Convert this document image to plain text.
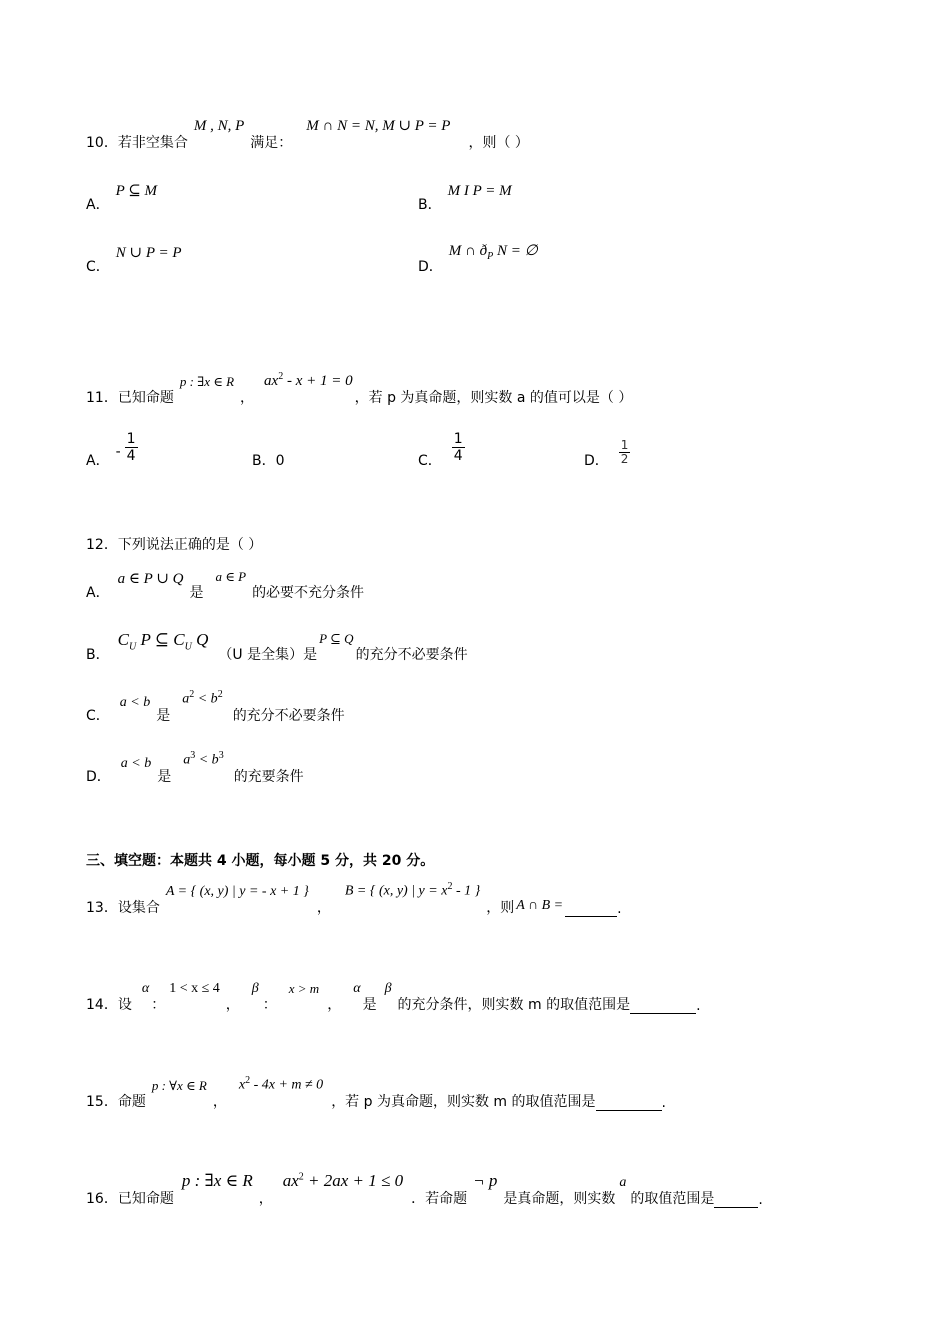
10． 若非空集合
M , N, P
满足：
M ∩ N = N, M ∪ P = P
，则（ ）
A．
P ⊆ M
B．
M Ι P = M
C．
N ∪ P = P
D．
M ∩ $ð_P$ N = ∅
11． 已知命题
p : ∃x ∈ R
，
$ax^2 - x + 1 = 0$
，若 p 为真命题，则实数 a 的值可以是（ ）
A．
- $\frac{1}{4}$	B．0	C． $\frac{1}{4}$	D． $\frac{1}{2}$
12． 下列说法正确的是（ ）
A．
a ∈ P ∪ Q
是
a ∈ P
的必要不充分条件
B．
$C_U$ P ⊆ $C_U$ Q
（U 是全集）是
P ⊆ Q
的充分不必要条件
C．
a < b
是
$a^2 < b^2$
的充分不必要条件
D．
a < b
是
$a^3 < b^3$
的充要条件
三、填空题：本题共 4 小题，每小题 5 分，共 20 分。
13． 设集合
A = { (x, y) | y = - x + 1 }
，
B = { (x, y) | $y = x^2 - 1$ }
，则 A ∩ B =	.
14． 设
α
：
1 < x ≤ 4
，
β
：
x > m
，
α
是
β
的充分条件，则实数 m 的取值范围是	.
15． 命题
p : ∀x ∈ R
，
$x^2 - 4x + m \ne 0$
，若 p 为真命题，则实数 m 的取值范围是	.
16． 已知命题
p : ∃x ∈ R
，
$ax^2 + 2ax + 1 \le 0$
．若命题
¬ p
是真命题，则实数
a
的取值范围是	.
